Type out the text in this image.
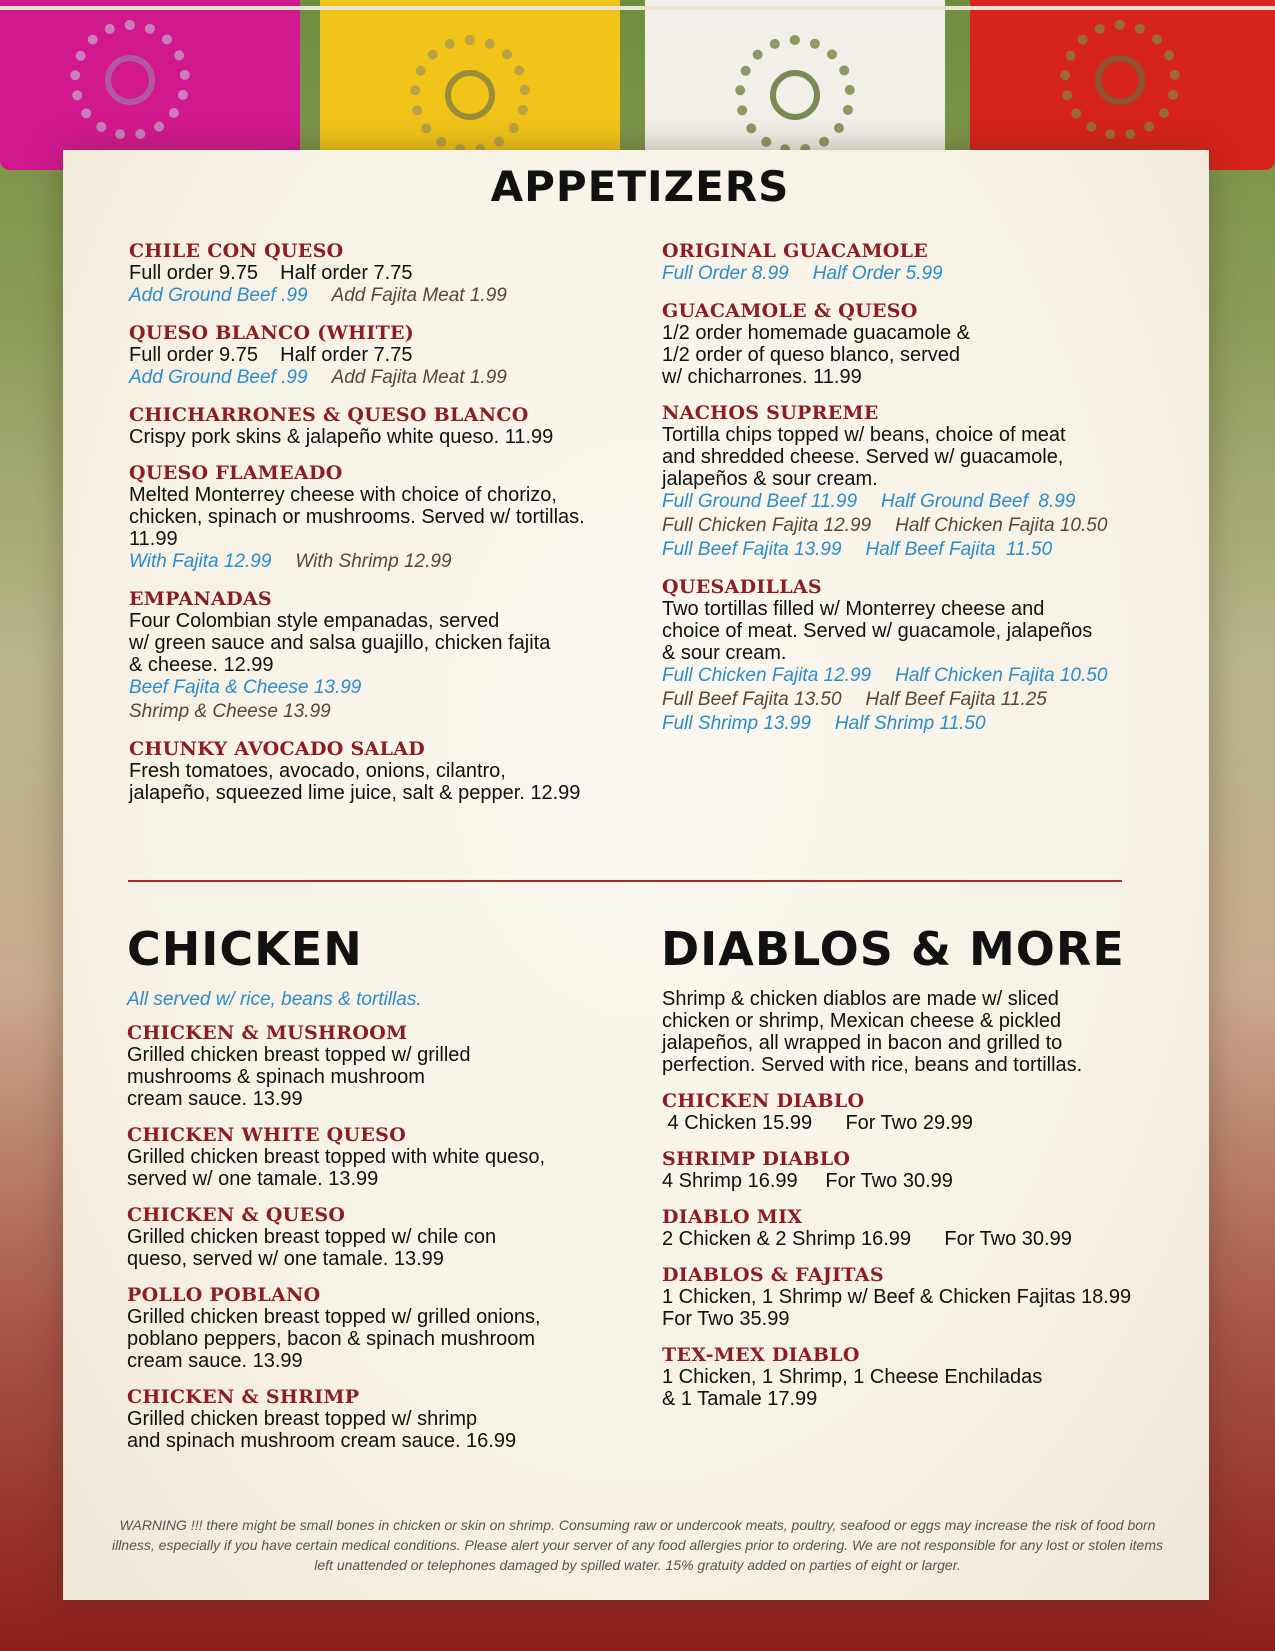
APPETIZERS
CHILE CON QUESO
Full order 9.75    Half order 7.75
Add Ground Beef .99 Add Fajita Meat 1.99
QUESO BLANCO (WHITE)
Full order 9.75    Half order 7.75
Add Ground Beef .99 Add Fajita Meat 1.99
CHICHARRONES & QUESO BLANCO
Crispy pork skins & jalapeño white queso. 11.99
QUESO FLAMEADO
Melted Monterrey cheese with choice of chorizo,
chicken, spinach or mushrooms. Served w/ tortillas.
11.99
With Fajita 12.99 With Shrimp 12.99
EMPANADAS
Four Colombian style empanadas, served
w/ green sauce and salsa guajillo, chicken fajita
& cheese. 12.99
Beef Fajita & Cheese 13.99
Shrimp & Cheese 13.99
CHUNKY AVOCADO SALAD
Fresh tomatoes, avocado, onions, cilantro,
jalapeño, squeezed lime juice, salt & pepper. 12.99
ORIGINAL GUACAMOLE
Full Order 8.99 Half Order 5.99
GUACAMOLE & QUESO
1/2 order homemade guacamole &
1/2 order of queso blanco, served
w/ chicharrones. 11.99
NACHOS SUPREME
Tortilla chips topped w/ beans, choice of meat
and shredded cheese. Served w/ guacamole,
jalapeños & sour cream.
Full Ground Beef 11.99 Half Ground Beef  8.99
Full Chicken Fajita 12.99 Half Chicken Fajita 10.50
Full Beef Fajita 13.99 Half Beef Fajita  11.50
QUESADILLAS
Two tortillas filled w/ Monterrey cheese and
choice of meat. Served w/ guacamole, jalapeños
& sour cream.
Full Chicken Fajita 12.99 Half Chicken Fajita 10.50
Full Beef Fajita 13.50 Half Beef Fajita 11.25
Full Shrimp 13.99 Half Shrimp 11.50
CHICKEN
All served w/ rice, beans & tortillas.
CHICKEN & MUSHROOM
Grilled chicken breast topped w/ grilled
mushrooms & spinach mushroom
cream sauce. 13.99
CHICKEN WHITE QUESO
Grilled chicken breast topped with white queso,
served w/ one tamale. 13.99
CHICKEN & QUESO
Grilled chicken breast topped w/ chile con
queso, served w/ one tamale. 13.99
POLLO POBLANO
Grilled chicken breast topped w/ grilled onions,
poblano peppers, bacon & spinach mushroom
cream sauce. 13.99
CHICKEN & SHRIMP
Grilled chicken breast topped w/ shrimp
and spinach mushroom cream sauce. 16.99
DIABLOS & MORE
Shrimp & chicken diablos are made w/ sliced
chicken or shrimp, Mexican cheese & pickled
jalapeños, all wrapped in bacon and grilled to
perfection. Served with rice, beans and tortillas.
CHICKEN DIABLO
4 Chicken 15.99      For Two 29.99
SHRIMP DIABLO
4 Shrimp 16.99     For Two 30.99
DIABLO MIX
2 Chicken & 2 Shrimp 16.99      For Two 30.99
DIABLOS & FAJITAS
1 Chicken, 1 Shrimp w/ Beef & Chicken Fajitas 18.99
For Two 35.99
TEX-MEX DIABLO
1 Chicken, 1 Shrimp, 1 Cheese Enchiladas
& 1 Tamale 17.99
WARNING !!! there might be small bones in chicken or skin on shrimp. Consuming raw or undercook meats, poultry, seafood or eggs may increase the risk of food born illness, especially if you have certain medical conditions. Please alert your server of any food allergies prior to ordering. We are not responsible for any lost or stolen items left unattended or telephones damaged by spilled water. 15% gratuity added on parties of eight or larger.
